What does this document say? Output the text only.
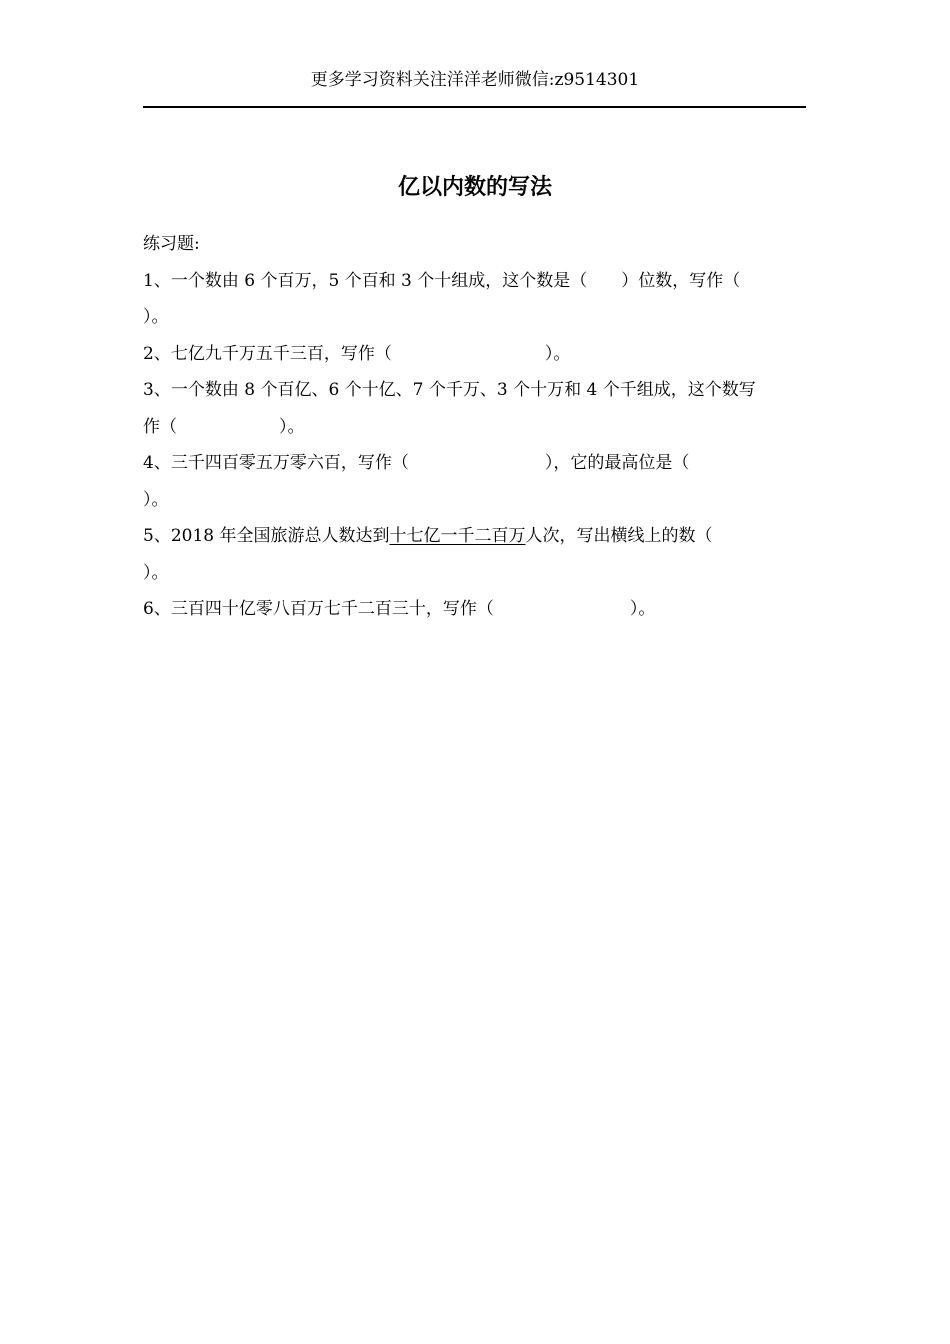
更多学习资料关注洋洋老师微信:z9514301
亿以内数的写法
练习题:
1、一个数由 6 个百万，5 个百和 3 个十组成，这个数是（　　）位数，写作（
）。
2、七亿九千万五千三百，写作（　　　　　　　　　）。
3、一个数由 8 个百亿、6 个十亿、7 个千万、3 个十万和 4 个千组成，这个数写
作（　　　　　　）。
4、三千四百零五万零六百，写作（　　　　　　　　），它的最高位是（
）。
5、2018 年全国旅游总人数达到十七亿一千二百万人次，写出横线上的数（
）。
6、三百四十亿零八百万七千二百三十，写作（　　　　　　　　）。
